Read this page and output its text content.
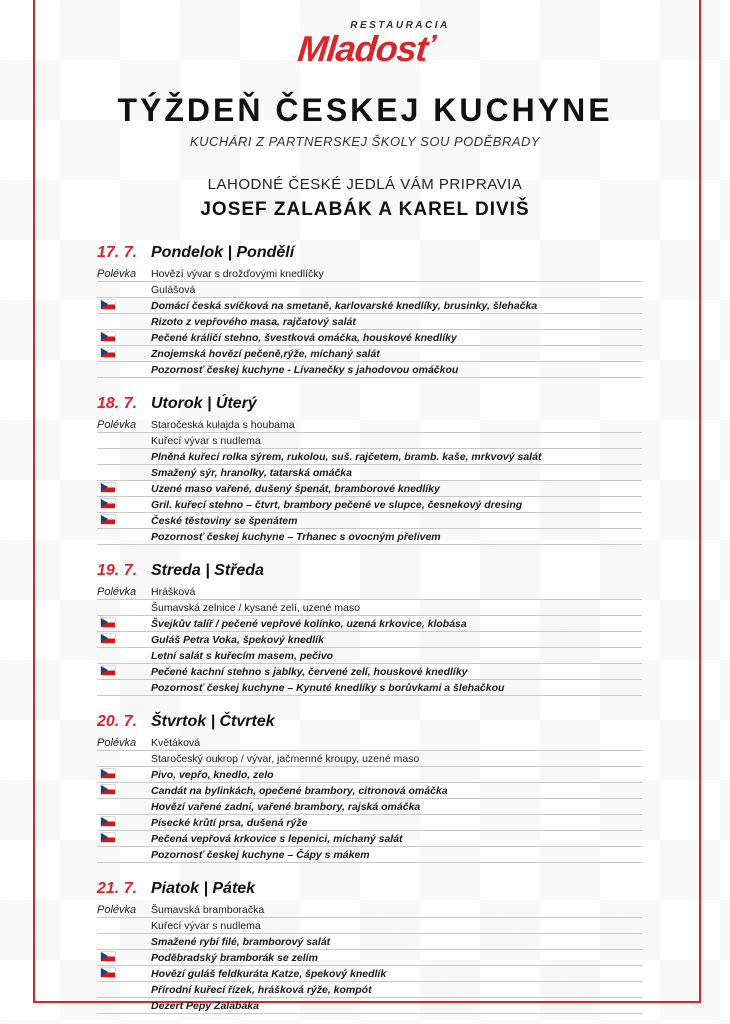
RESTAURACIA
Mladosť
TÝŽDEŇ ČESKEJ KUCHYNE
KUCHÁRI Z PARTNERSKEJ ŠKOLY SOU PODĚBRADY
LAHODNÉ ČESKÉ JEDLÁ VÁM PRIPRAVIA
JOSEF ZALABÁK A KAREL DIVIŠ
17. 7. Pondelok | Pondělí
Polévka	Hovězí vývar s drožďovými knedlíčky
Gulášová
Domácí česká svíčková na smetaně, karlovarské knedlíky, brusinky, šlehačka
Rizoto z vepřového masa, rajčatový salát
Pečené králičí stehno, švestková omáčka, houskové knedlíky
Znojemská hovězí pečeně,rýže, míchaný salát
Pozornosť českej kuchyne - Lívanečky s jahodovou omáčkou
18. 7. Utorok | Úterý
Polévka	Staročeská kulajda s houbama
Kuřecí vývar s nudlema
Plněná kuřecí rolka sýrem, rukolou, suš. rajčetem, bramb. kaše, mrkvový salát
Smažený sýr, hranolky, tatarská omáčka
Uzené maso vařené, dušený špenát, bramborové knedlíky
Gril. kuřecí stehno – čtvrt, brambory pečené ve slupce, česnekový dresing
České těstoviny se špenátem
Pozornosť českej kuchyne – Trhanec s ovocným přelivem
19. 7. Streda | Středa
Polévka	Hrášková
Šumavská zelnice / kysané zelí, uzené maso
Švejkův talíř / pečené vepřové kolínko, uzená krkovice, klobása
Guláš Petra Voka, špekový knedlík
Letní salát s kuřecím masem, pečivo
Pečené kachní stehno s jablky, červené zelí, houskové knedlíky
Pozornosť českej kuchyne – Kynuté knedlíky s borůvkami a šlehačkou
20. 7. Štvrtok | Čtvrtek
Polévka	Květáková
Staročeský oukrop / vývar, jačmenné kroupy, uzené maso
Pivo, vepřo, knedlo, zelo
Candát na bylinkách, opečené brambory, citronová omáčka
Hovězí vařené zadní, vařené brambory, rajská omáčka
Písecké krůtí prsa, dušená rýže
Pečená vepřová krkovice s lepenici, míchaný salát
Pozornosť českej kuchyne – Čápy s mákem
21. 7. Piatok | Pátek
Polévka	Šumavská bramboračka
Kuřecí vývar s nudlema
Smažené rybí filé, bramborový salát
Poděbradský bramborák se zelím
Hovězí guláš feldkuráta Katze, špekový knedlík
Přírodní kuřecí řízek, hrášková rýže, kompót
Dezert Pepy Zalabáka
